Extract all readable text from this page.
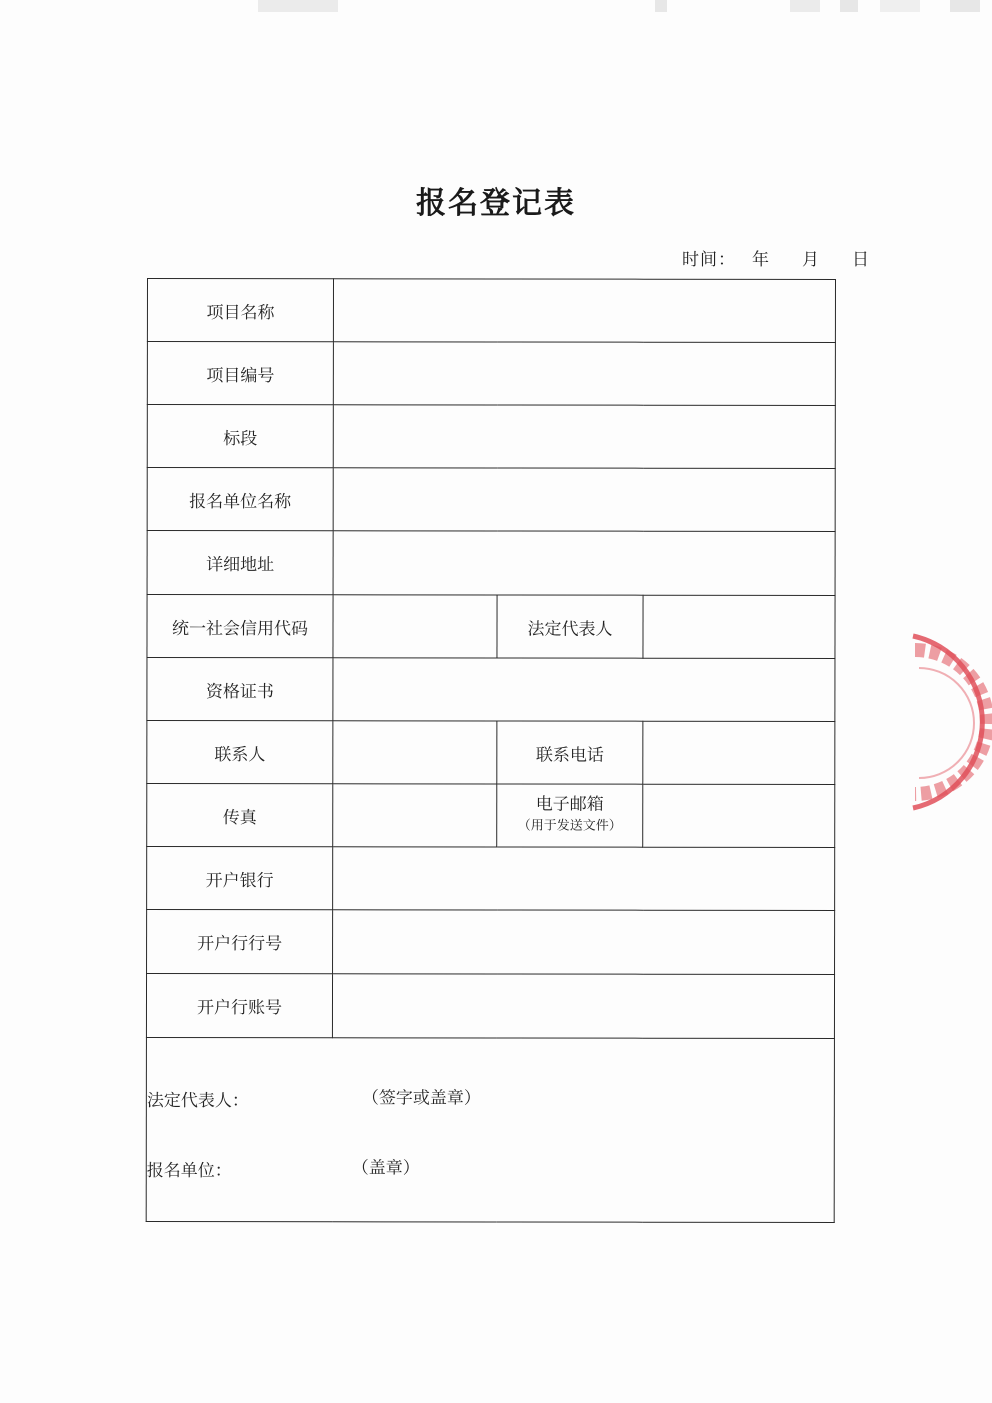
报名登记表
时间： 年 月 日
项目名称			
项目编号			
标段			
报名单位名称			
详细地址			
统一社会信用代码		法定代表人	
资格证书			
联系人		联系电话	
传真		电子邮箱
（用于发送文件）	

开户银行			
开户行行号			
开户行账号			

法定代表人： （签字或盖章）
报名单位： （盖章）			
